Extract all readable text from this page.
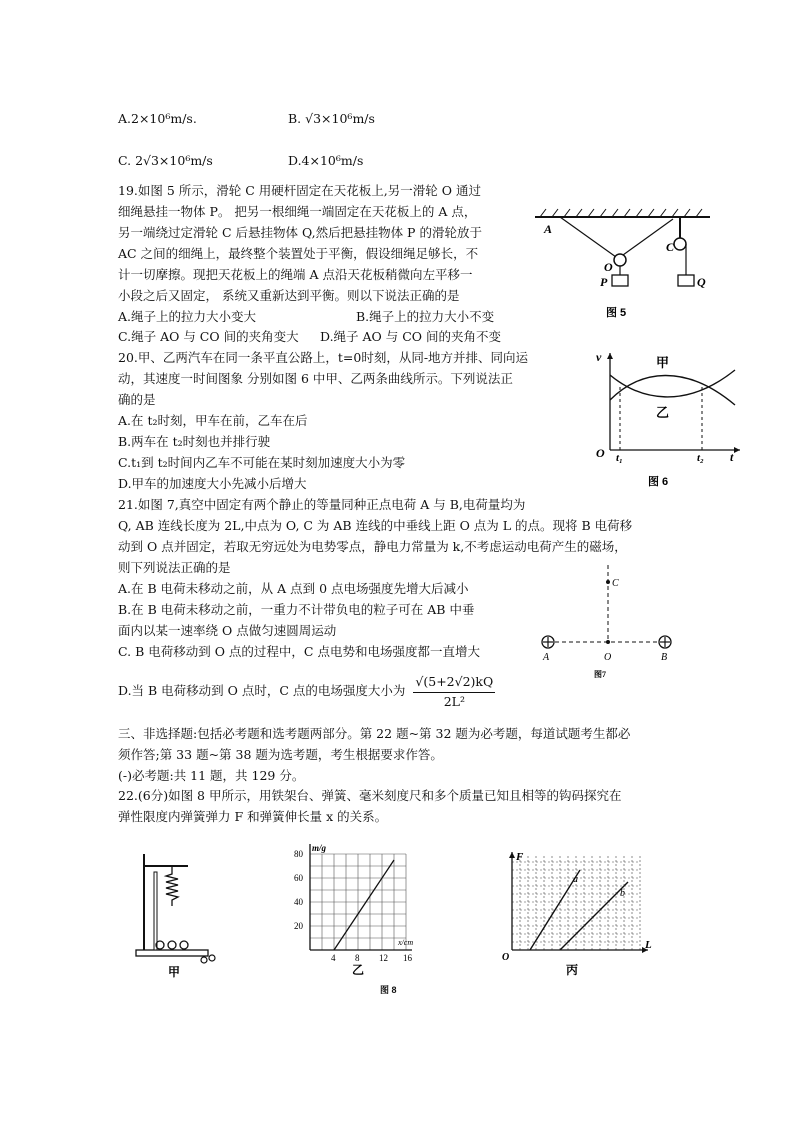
A.2×10⁶m/s.	B. √3×10⁶m/s
C. 2√3×10⁶m/s	D.4×10⁶m/s
19.如图 5 所示，滑轮 C 用硬杆固定在天花板上,另一滑轮 O 通过
细绳悬挂一物体 P。 把另一根细绳一端固定在天花板上的 A 点，
另一端绕过定滑轮 C 后悬挂物体 Q,然后把悬挂物体 P 的滑轮放于
AC 之间的细绳上，最终整个装置处于平衡，假设细绳足够长，不
计一切摩擦。现把天花板上的绳端 A 点沿天花板稍微向左平移一
小段之后又固定， 系统又重新达到平衡。则以下说法正确的是
A.绳子上的拉力大小变大	B.绳子上的拉力大小不变
C.绳子 AO 与 CO 间的夹角变大 D.绳子 AO 与 CO 间的夹角不变
A
C
O
P	Q
图 5
20.甲、乙两汽车在同一条平直公路上，t=0时刻，从同-地方并排、同向运
动，其速度一时间图象 分别如图 6 中甲、乙两条曲线所示。下列说法正
确的是
A.在 t₂时刻，甲车在前，乙车在后
B.两车在 t₂时刻也并排行驶
C.t₁到 t₂时间内乙车不可能在某时刻加速度大小为零
D.甲车的加速度大小先减小后增大
v	甲
乙
O t₁	t₂ t
图 6
21.如图 7,真空中固定有两个静止的等量同种正点电荷 A 与 B,电荷量均为
Q, AB 连线长度为 2L,中点为 O, C 为 AB 连线的中垂线上距 O 点为 L 的点。现将 B 电荷移
动到 O 点并固定，若取无穷远处为电势零点，静电力常量为 k,不考虑运动电荷产生的磁场，
则下列说法正确的是
A.在 B 电荷未移动之前，从 A 点到 0 点电场强度先增大后减小
B.在 B 电荷未移动之前，一重力不计带负电的粒子可在 AB 中垂
面内以某一速率绕 O 点做匀速圆周运动
C. B 电荷移动到 O 点的过程中，C 点电势和电场强度都一直增大
D.当 B 电荷移动到 O 点时，C 点的电场强度大小为 $\frac{√(5+2√2)kQ}{\text{2L²}}$
C
A	O	B
图7
三、非选择题:包括必考题和选考题两部分。第 22 题~第 32 题为必考题，每道试题考生都必
须作答;第 33 题~第 38 题为选考题，考生根据要求作答。
(-)必考题:共 11 题，共 129 分。
22.(6分)如图 8 甲所示，用铁架台、弹簧、毫米刻度尺和多个质量已知且相等的钩码探究在
弹性限度内弹簧弹力 F 和弹簧伸长量 x 的关系。
甲
m/g
x/cm
80
60
40
20
4 8 12 16
乙
F
L
O
a
b
丙
图 8
